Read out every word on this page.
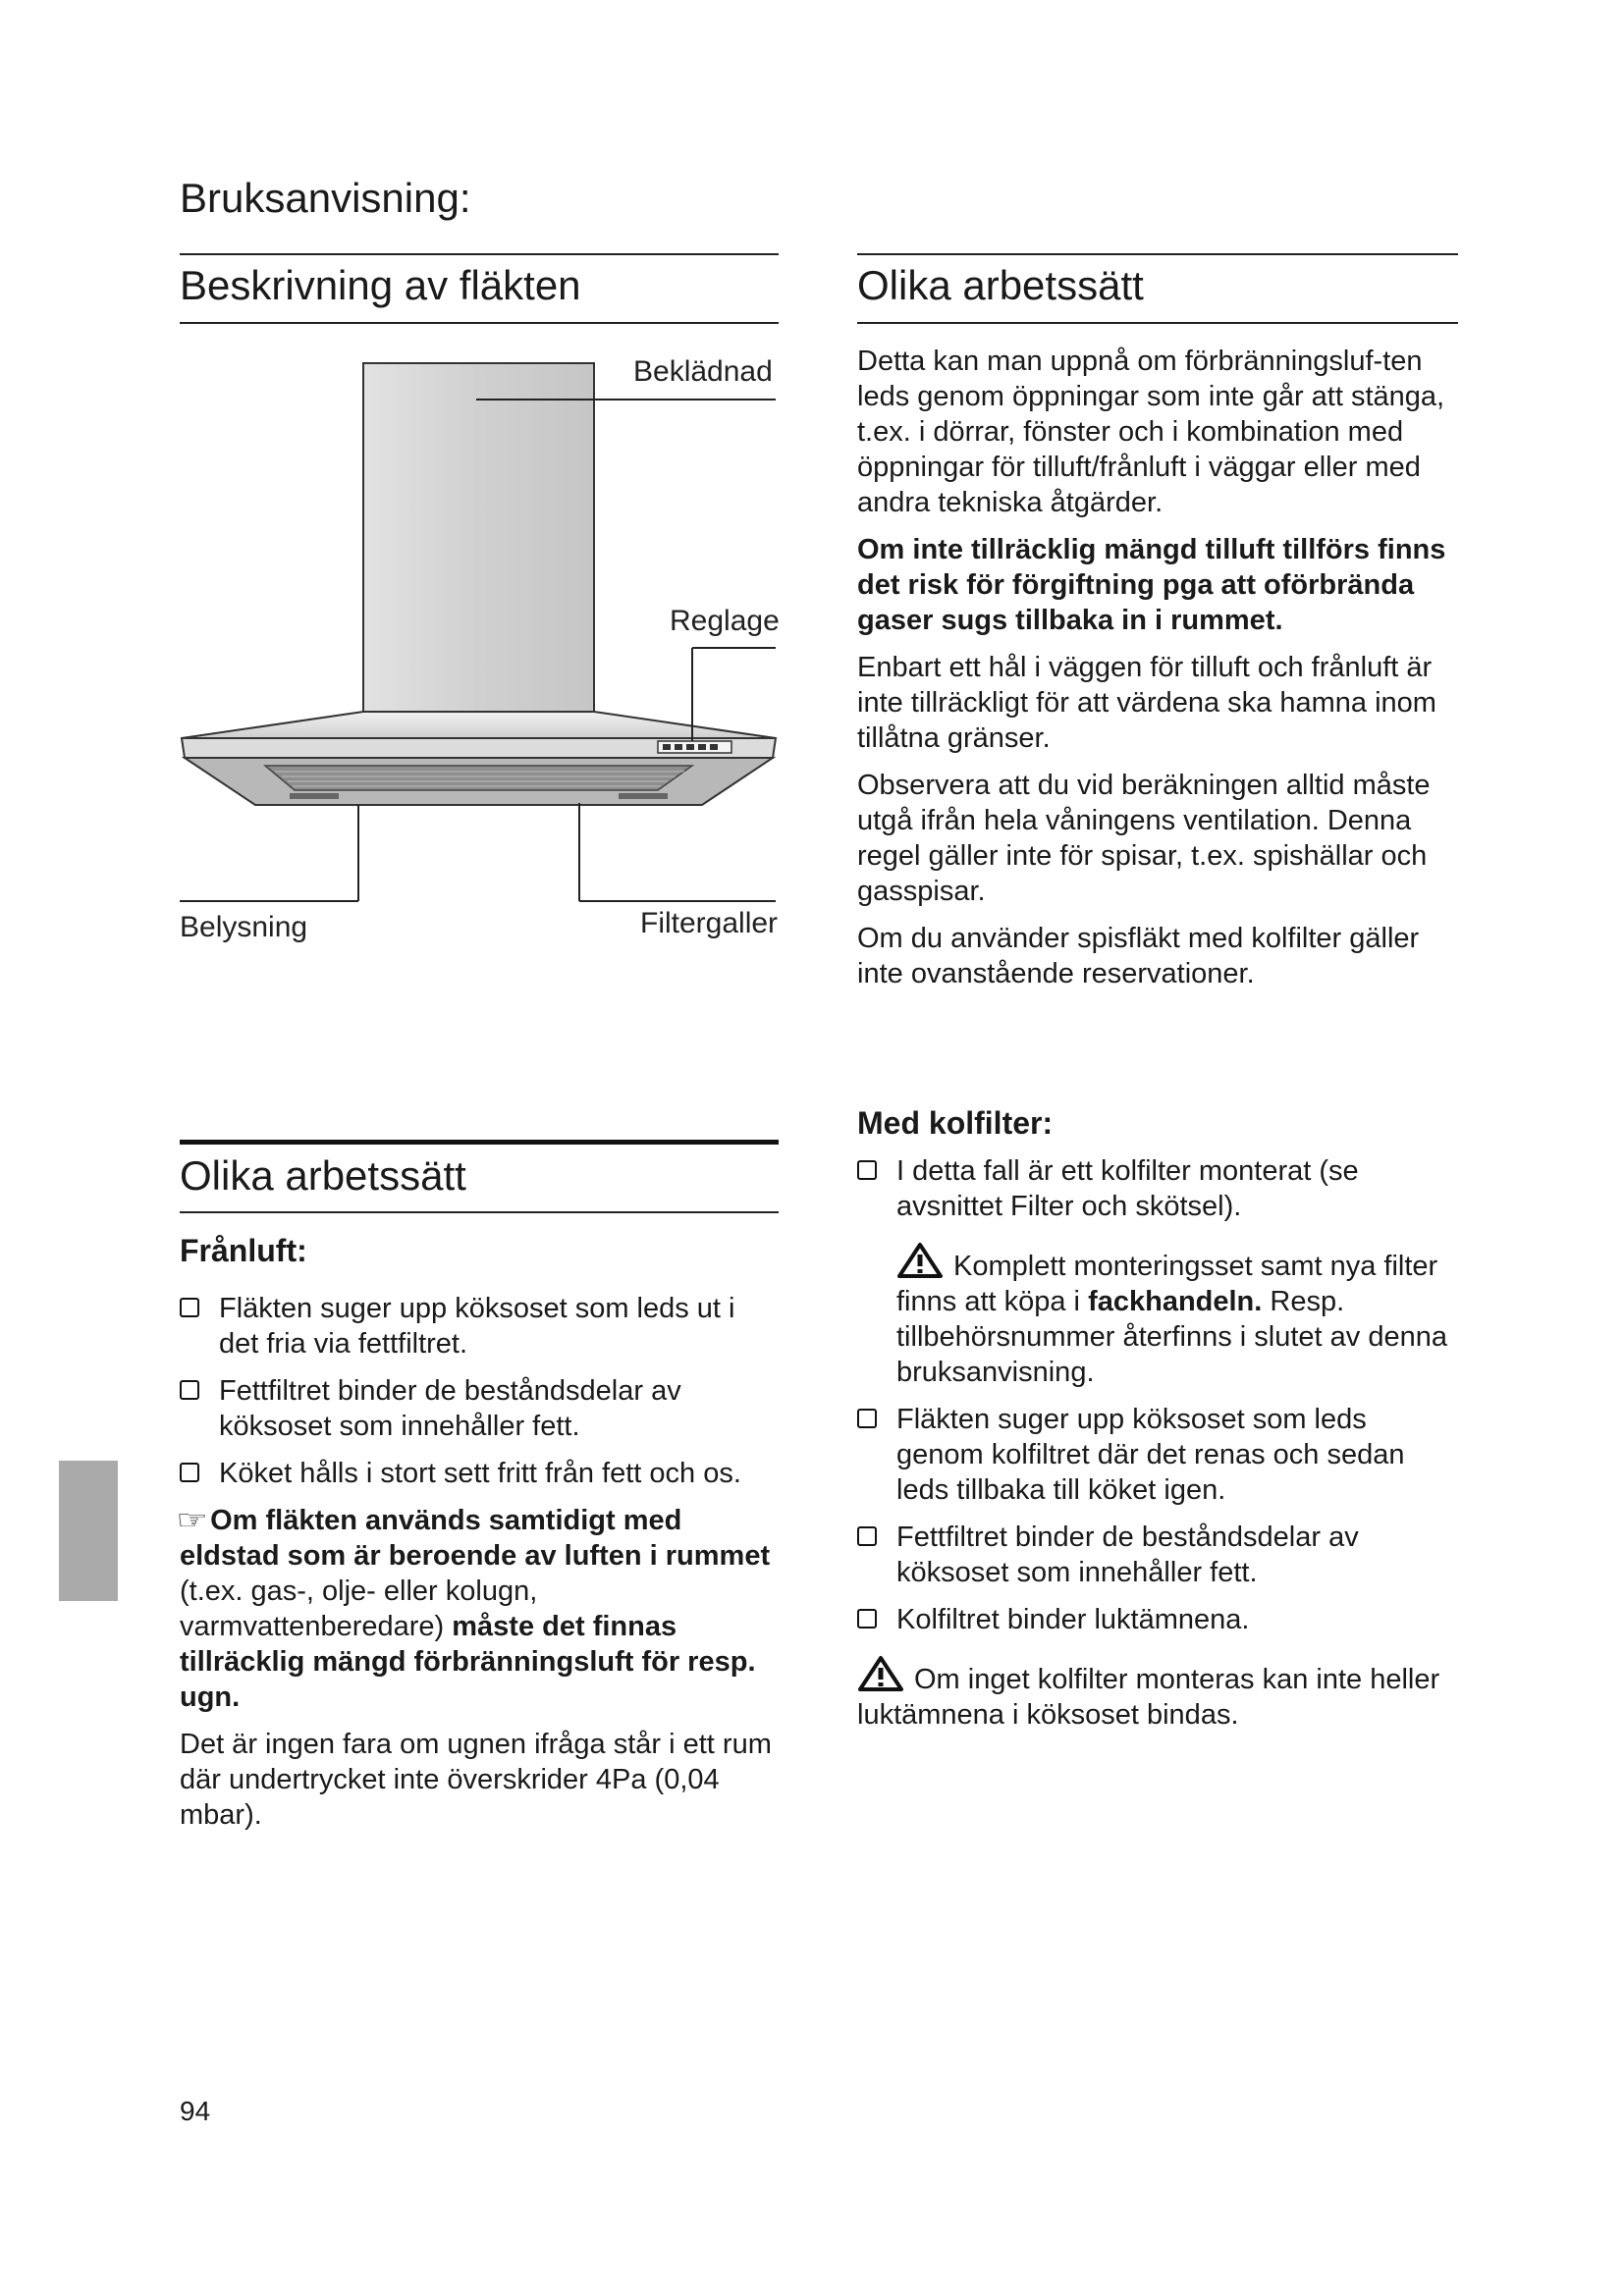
Bruksanvisning:
Beskrivning av fläkten	Olika arbetssätt
Beklädnad
Reglage
Belysning	Filtergaller

Detta kan man uppnå om förbränningsluf-ten leds genom öppningar som inte går att stänga, t.ex. i dörrar, fönster och i kombination med öppningar för tilluft/frånluft i väggar eller med andra tekniska åtgärder.

Om inte tillräcklig mängd tilluft tillförs finns det risk för förgiftning pga att oförbrända gaser sugs tillbaka in i rummet.

Enbart ett hål i väggen för tilluft och frånluft är inte tillräckligt för att värdena ska hamna inom tillåtna gränser.

Observera att du vid beräkningen alltid måste utgå ifrån hela våningens ventilation. Denna regel gäller inte för spisar, t.ex. spishällar och gasspisar.

Om du använder spisfläkt med kolfilter gäller inte ovanstående reservationer.

Olika arbetssätt
Frånluft:
Fläkten suger upp köksoset som leds ut i det fria via fettfiltret.
Fettfiltret binder de beståndsdelar av köksoset som innehåller fett.
Köket hålls i stort sett fritt från fett och os.

☞Om fläkten används samtidigt med eldstad som är beroende av luften i rummet (t.ex. gas-, olje- eller kolugn, varmvattenberedare) måste det finnas tillräcklig mängd förbränningsluft för resp. ugn.

Det är ingen fara om ugnen ifråga står i ett rum där undertrycket inte överskrider 4Pa (0,04 mbar).

Med kolfilter:
I detta fall är ett kolfilter monterat (se avsnittet Filter och skötsel).

Komplett monteringsset samt nya filter finns att köpa i fackhandeln. Resp. tillbehörsnummer återfinns i slutet av denna bruksanvisning.

Fläkten suger upp köksoset som leds genom kolfiltret där det renas och sedan leds tillbaka till köket igen.
Fettfiltret binder de beståndsdelar av köksoset som innehåller fett.
Kolfiltret binder luktämnena.

Om inget kolfilter monteras kan inte heller luktämnena i köksoset bindas.

94
